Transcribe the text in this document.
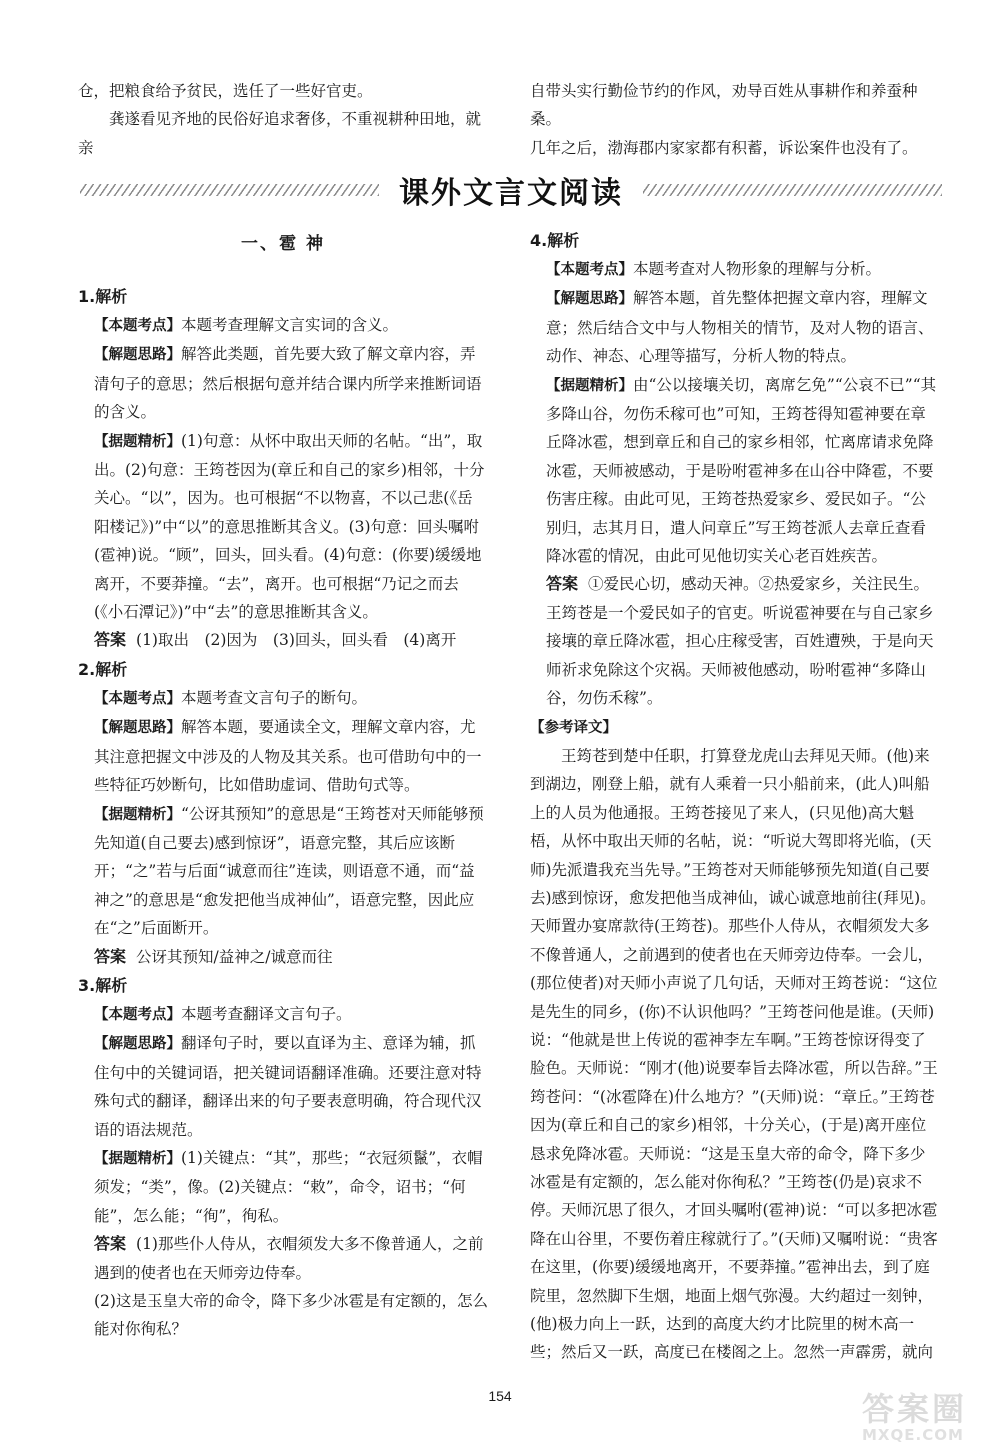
仓，把粮食给予贫民，选任了一些好官吏。

龚遂看见齐地的民俗好追求奢侈，不重视耕种田地，就亲

自带头实行勤俭节约的作风，劝导百姓从事耕作和养蚕种桑。

几年之后，渤海郡内家家都有积蓄，诉讼案件也没有了。

课外文言文阅读
一、雹 神

1.解析

【本题考点】本题考查理解文言实词的含义。

【解题思路】解答此类题，首先要大致了解文章内容，弄清句子的意思；然后根据句意并结合课内所学来推断词语的含义。

【据题精析】(1)句意：从怀中取出天师的名帖。“出”，取出。(2)句意：王筠苍因为(章丘和自己的家乡)相邻，十分关心。“以”，因为。也可根据“不以物喜，不以己悲(《岳阳楼记》)”中“以”的意思推断其含义。(3)句意：回头嘱咐(雹神)说。“顾”，回头，回头看。(4)句意：(你要)缓缓地离开，不要莽撞。“去”，离开。也可根据“乃记之而去(《小石潭记》)”中“去”的意思推断其含义。

答案 (1)取出　(2)因为　(3)回头，回头看　(4)离开

2.解析

【本题考点】本题考查文言句子的断句。

【解题思路】解答本题，要通读全文，理解文章内容，尤其注意把握文中涉及的人物及其关系。也可借助句中的一些特征巧妙断句，比如借助虚词、借助句式等。

【据题精析】“公讶其预知”的意思是“王筠苍对天师能够预先知道(自己要去)感到惊讶”，语意完整，其后应该断开；“之”若与后面“诚意而往”连读，则语意不通，而“益神之”的意思是“愈发把他当成神仙”，语意完整，因此应在“之”后面断开。

答案 公讶其预知/益神之/诚意而往

3.解析

【本题考点】本题考查翻译文言句子。

【解题思路】翻译句子时，要以直译为主、意译为辅，抓住句中的关键词语，把关键词语翻译准确。还要注意对特殊句式的翻译，翻译出来的句子要表意明确，符合现代汉语的语法规范。

【据题精析】(1)关键点：“其”，那些；“衣冠须鬣”，衣帽须发；“类”，像。(2)关键点：“敕”，命令，诏书；“何能”，怎么能；“徇”，徇私。

答案 (1)那些仆人侍从，衣帽须发大多不像普通人，之前遇到的使者也在天师旁边侍奉。

(2)这是玉皇大帝的命令，降下多少冰雹是有定额的，怎么能对你徇私？

4.解析

【本题考点】本题考查对人物形象的理解与分析。

【解题思路】解答本题，首先整体把握文章内容，理解文意；然后结合文中与人物相关的情节，及对人物的语言、动作、神态、心理等描写，分析人物的特点。

【据题精析】由“公以接壤关切，离席乞免”“公哀不已”“其多降山谷，勿伤禾稼可也”可知，王筠苍得知雹神要在章丘降冰雹，想到章丘和自己的家乡相邻，忙离席请求免降冰雹，天师被感动，于是吩咐雹神多在山谷中降雹，不要伤害庄稼。由此可见，王筠苍热爱家乡、爱民如子。“公别归，志其月日，遣人问章丘”写王筠苍派人去章丘查看降冰雹的情况，由此可见他切实关心老百姓疾苦。

答案 ①爱民心切，感动天神。②热爱家乡，关注民生。王筠苍是一个爱民如子的官吏。听说雹神要在与自己家乡接壤的章丘降冰雹，担心庄稼受害，百姓遭殃，于是向天师祈求免除这个灾祸。天师被他感动，吩咐雹神“多降山谷，勿伤禾稼”。

【参考译文】

王筠苍到楚中任职，打算登龙虎山去拜见天师。(他)来到湖边，刚登上船，就有人乘着一只小船前来，(此人)叫船上的人员为他通报。王筠苍接见了来人，(只见他)高大魁梧，从怀中取出天师的名帖，说：“听说大驾即将光临，(天师)先派遣我充当先导。”王筠苍对天师能够预先知道(自己要去)感到惊讶，愈发把他当成神仙，诚心诚意地前往(拜见)。天师置办宴席款待(王筠苍)。那些仆人侍从，衣帽须发大多不像普通人，之前遇到的使者也在天师旁边侍奉。一会儿，(那位使者)对天师小声说了几句话，天师对王筠苍说：“这位是先生的同乡，(你)不认识他吗？”王筠苍问他是谁。(天师)说：“他就是世上传说的雹神李左车啊。”王筠苍惊讶得变了脸色。天师说：“刚才(他)说要奉旨去降冰雹，所以告辞。”王筠苍问：“(冰雹降在)什么地方？”(天师)说：“章丘。”王筠苍因为(章丘和自己的家乡)相邻，十分关心，(于是)离开座位恳求免降冰雹。天师说：“这是玉皇大帝的命令，降下多少冰雹是有定额的，怎么能对你徇私？”王筠苍(仍是)哀求不停。天师沉思了很久，才回头嘱咐(雹神)说：“可以多把冰雹降在山谷里，不要伤着庄稼就行了。”(天师)又嘱咐说：“贵客在这里，(你要)缓缓地离开，不要莽撞。”雹神出去，到了庭院里，忽然脚下生烟，地面上烟气弥漫。大约超过一刻钟，(他)极力向上一跃，达到的高度大约才比院里的树木高一些；然后又一跃，高度已在楼阁之上。忽然一声霹雳，就向

154	答案圈
MXQE.COM
